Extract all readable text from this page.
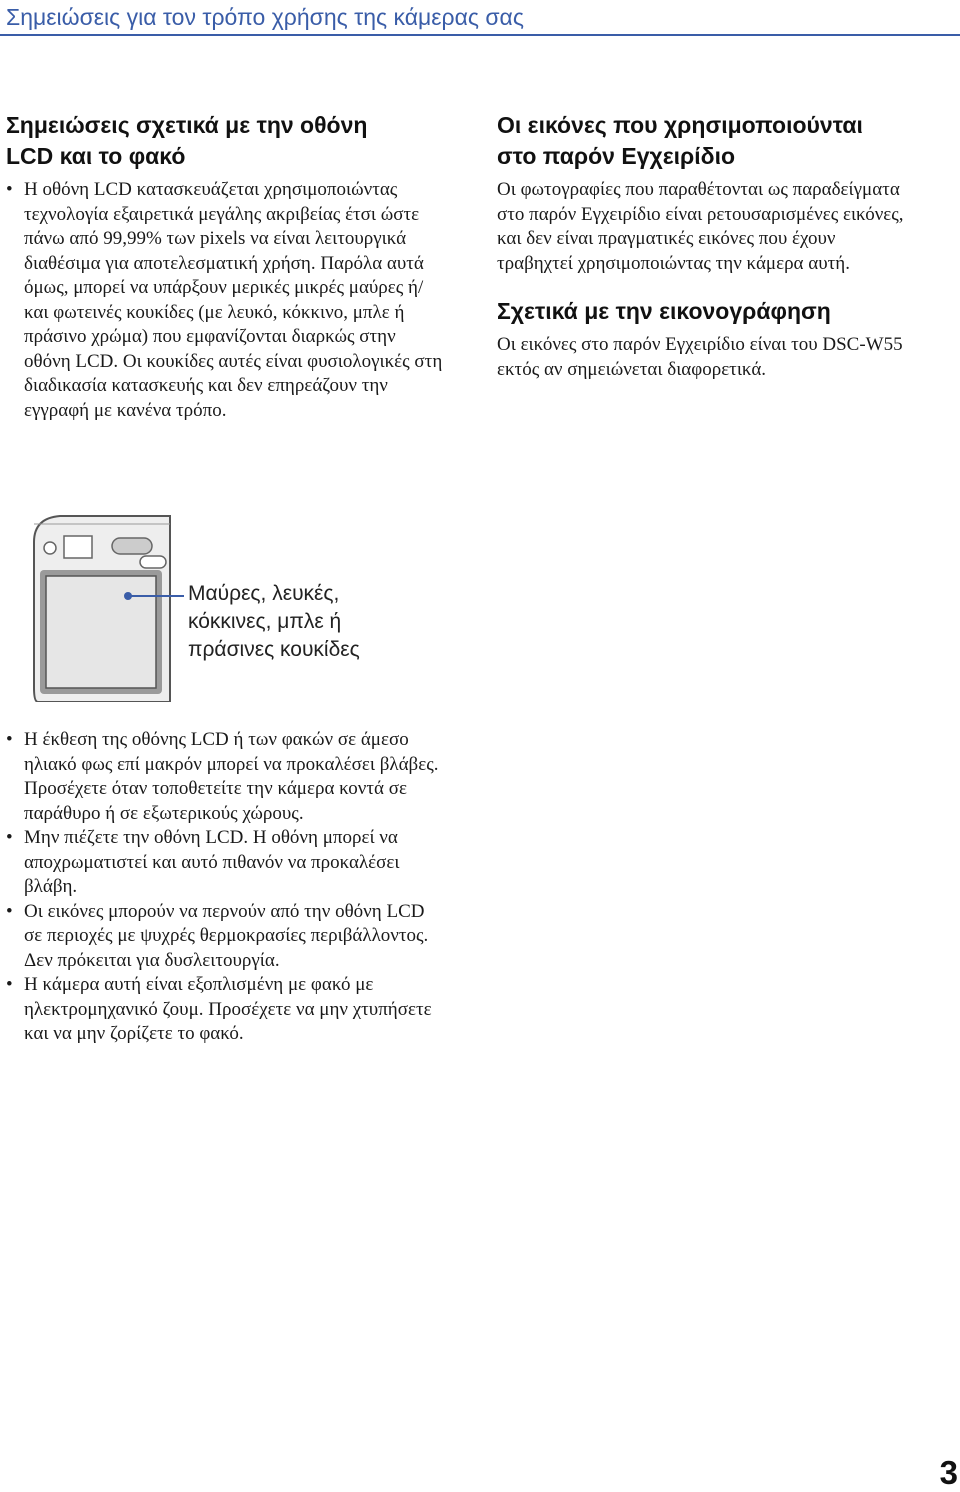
Σημειώσεις για τον τρόπο χρήσης της κάμερας σας
Σημειώσεις σχετικά με την οθόνη
LCD και το φακό
• Η οθόνη LCD κατασκευάζεται χρησιμοποιώντας τεχνολογία εξαιρετικά μεγάλης ακριβείας έτσι ώστε πάνω από 99,99% των pixels να είναι λειτουργικά διαθέσιμα για αποτελεσματική χρήση. Παρόλα αυτά όμως, μπορεί να υπάρξουν μερικές μικρές μαύρες ή/και φωτεινές κουκίδες (με λευκό, κόκκινο, μπλε ή πράσινο χρώμα) που εμφανίζονται διαρκώς στην οθόνη LCD. Οι κουκίδες αυτές είναι φυσιολογικές στη διαδικασία κατασκευής και δεν επηρεάζουν την εγγραφή με κανένα τρόπο.

Μαύρες, λευκές,
κόκκινες, μπλε ή
πράσινες κουκίδες

• Η έκθεση της οθόνης LCD ή των φακών σε άμεσο ηλιακό φως επί μακρόν μπορεί να προκαλέσει βλάβες. Προσέχετε όταν τοποθετείτε την κάμερα κοντά σε παράθυρο ή σε εξωτερικούς χώρους.
• Μην πιέζετε την οθόνη LCD. Η οθόνη μπορεί να αποχρωματιστεί και αυτό πιθανόν να προκαλέσει βλάβη.
• Οι εικόνες μπορούν να περνούν από την οθόνη LCD σε περιοχές με ψυχρές θερμοκρασίες περιβάλλοντος. Δεν πρόκειται για δυσλειτουργία.
• Η κάμερα αυτή είναι εξοπλισμένη με φακό με ηλεκτρομηχανικό ζουμ. Προσέχετε να μην χτυπήσετε και να μην ζορίζετε το φακό.
Οι εικόνες που χρησιμοποιούνται
στο παρόν Εγχειρίδιο

Οι φωτογραφίες που παραθέτονται ως παραδείγματα στο παρόν Εγχειρίδιο είναι ρετουσαρισμένες εικόνες, και δεν είναι πραγματικές εικόνες που έχουν τραβηχτεί χρησιμοποιώντας την κάμερα αυτή.

Σχετικά με την εικονογράφηση

Οι εικόνες στο παρόν Εγχειρίδιο είναι του DSC-W55 εκτός αν σημειώνεται διαφορετικά.

3
